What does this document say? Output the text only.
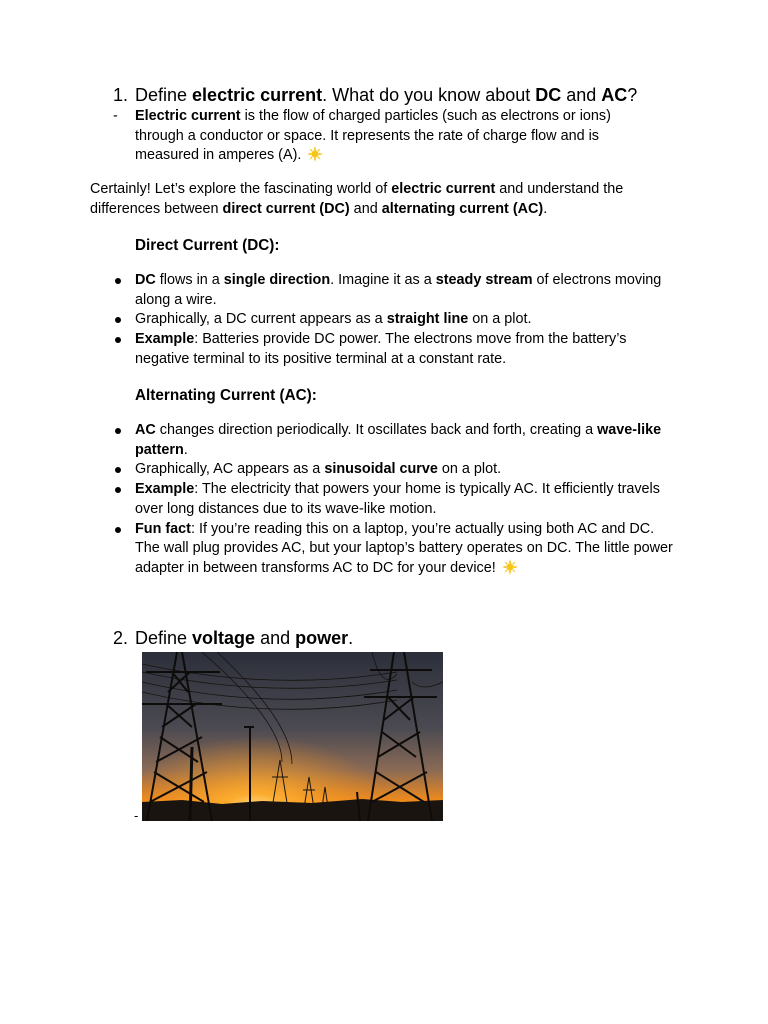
1. Define electric current. What do you know about DC and AC?
- Electric current is the flow of charged particles (such as electrons or ions) through a conductor or space. It represents the rate of charge flow and is measured in amperes (A).
Certainly! Let’s explore the fascinating world of electric current and understand the differences between direct current (DC) and alternating current (AC).
Direct Current (DC):
DC flows in a single direction. Imagine it as a steady stream of electrons moving along a wire.
Graphically, a DC current appears as a straight line on a plot.
Example: Batteries provide DC power. The electrons move from the battery’s negative terminal to its positive terminal at a constant rate.
Alternating Current (AC):
AC changes direction periodically. It oscillates back and forth, creating a wave-like pattern.
Graphically, AC appears as a sinusoidal curve on a plot.
Example: The electricity that powers your home is typically AC. It efficiently travels over long distances due to its wave-like motion.
Fun fact: If you’re reading this on a laptop, you’re actually using both AC and DC. The wall plug provides AC, but your laptop’s battery operates on DC. The little power adapter in between transforms AC to DC for your device!
2. Define voltage and power.
-
